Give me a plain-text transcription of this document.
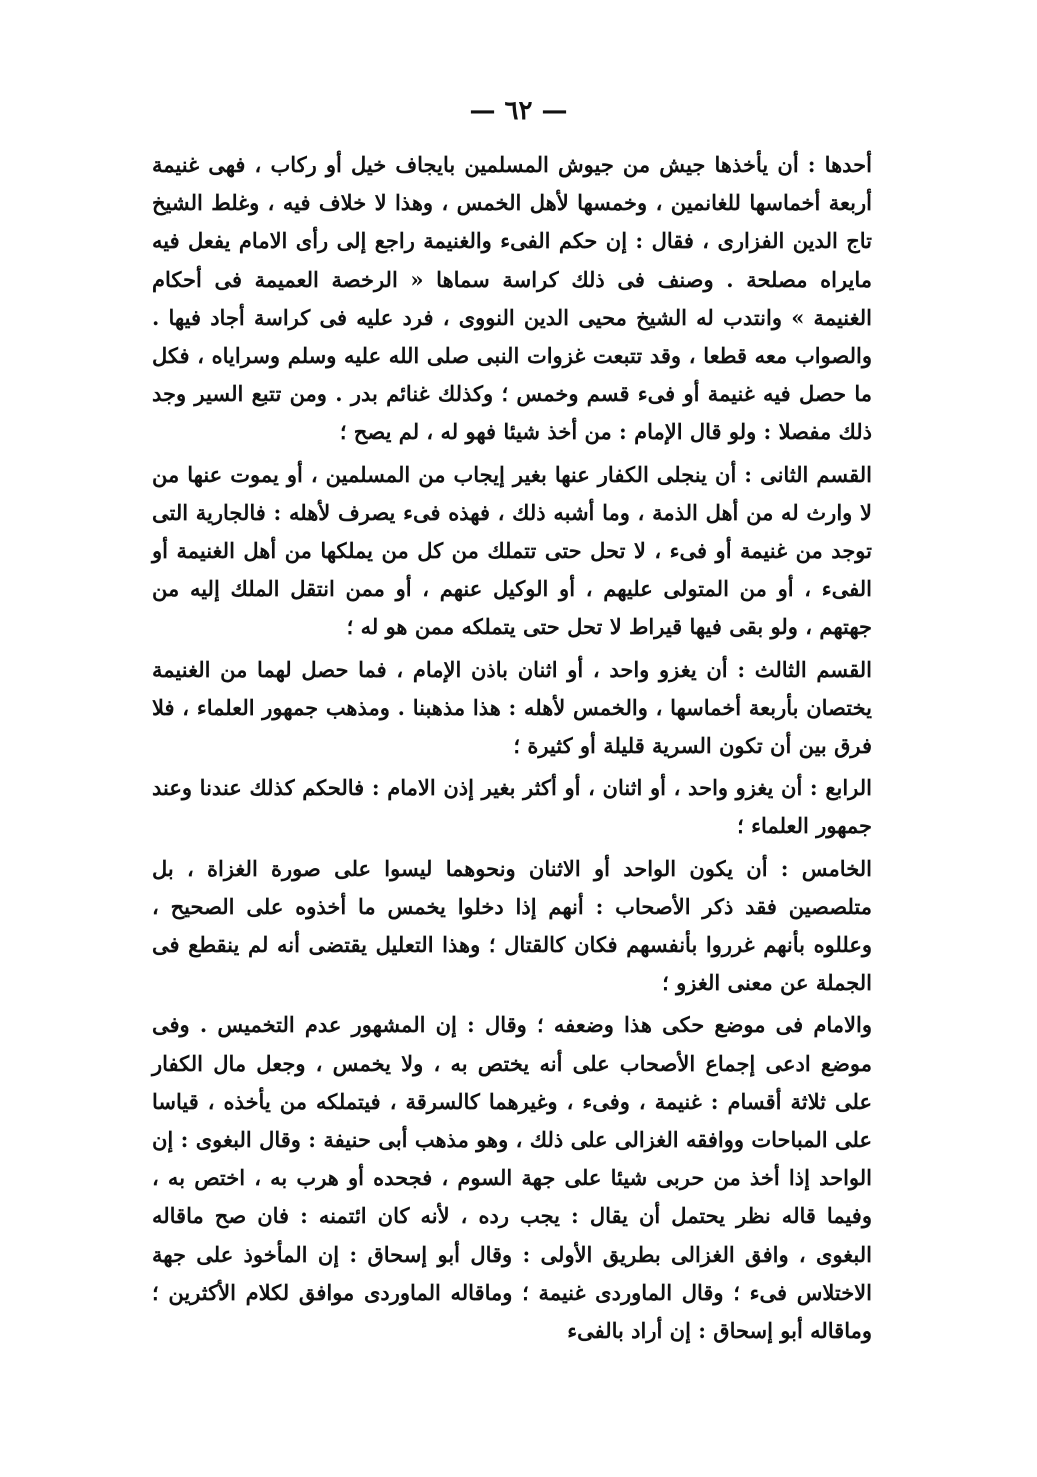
— ٦٢ —

أحدها : أن يأخذها جيش من جيوش المسلمين بايجاف خيل أو ركاب ، فهى غنيمة أربعة أخماسها للغانمين ، وخمسها لأهل الخمس ، وهذا لا خلاف فيه ، وغلط الشيخ تاج الدين الفزارى ، فقال : إن حكم الفىء والغنيمة راجع إلى رأى الامام يفعل فيه مايراه مصلحة . وصنف فى ذلك كراسة سماها « الرخصة العميمة فى أحكام الغنيمة » وانتدب له الشيخ محيى الدين النووى ، فرد عليه فى كراسة أجاد فيها . والصواب معه قطعا ، وقد تتبعت غزوات النبى صلى الله عليه وسلم وسراياه ، فكل ما حصل فيه غنيمة أو فىء قسم وخمس ؛ وكذلك غنائم بدر . ومن تتبع السير وجد ذلك مفصلا : ولو قال الإمام : من أخذ شيئا فهو له ، لم يصح ؛

القسم الثانى : أن ينجلى الكفار عنها بغير إيجاب من المسلمين ، أو يموت عنها من لا وارث له من أهل الذمة ، وما أشبه ذلك ، فهذه فىء يصرف لأهله : فالجارية التى توجد من غنيمة أو فىء ، لا تحل حتى تتملك من كل من يملكها من أهل الغنيمة أو الفىء ، أو من المتولى عليهم ، أو الوكيل عنهم ، أو ممن انتقل الملك إليه من جهتهم ، ولو بقى فيها قيراط لا تحل حتى يتملكه ممن هو له ؛

القسم الثالث : أن يغزو واحد ، أو اثنان باذن الإمام ، فما حصل لهما من الغنيمة يختصان بأربعة أخماسها ، والخمس لأهله : هذا مذهبنا . ومذهب جمهور العلماء ، فلا فرق بين أن تكون السرية قليلة أو كثيرة ؛

الرابع : أن يغزو واحد ، أو اثنان ، أو أكثر بغير إذن الامام : فالحكم كذلك عندنا وعند جمهور العلماء ؛

الخامس : أن يكون الواحد أو الاثنان ونحوهما ليسوا على صورة الغزاة ، بل متلصصين فقد ذكر الأصحاب : أنهم إذا دخلوا يخمس ما أخذوه على الصحيح ، وعللوه بأنهم غرروا بأنفسهم فكان كالقتال ؛ وهذا التعليل يقتضى أنه لم ينقطع فى الجملة عن معنى الغزو ؛

والامام فى موضع حكى هذا وضعفه ؛ وقال : إن المشهور عدم التخميس . وفى موضع ادعى إجماع الأصحاب على أنه يختص به ، ولا يخمس ، وجعل مال الكفار على ثلاثة أقسام : غنيمة ، وفىء ، وغيرهما كالسرقة ، فيتملكه من يأخذه ، قياسا على المباحات ووافقه الغزالى على ذلك ، وهو مذهب أبى حنيفة : وقال البغوى : إن الواحد إذا أخذ من حربى شيئا على جهة السوم ، فجحده أو هرب به ، اختص به ، وفيما قاله نظر يحتمل أن يقال : يجب رده ، لأنه كان ائتمنه : فان صح ماقاله البغوى ، وافق الغزالى بطريق الأولى : وقال أبو إسحاق : إن المأخوذ على جهة الاختلاس فىء ؛ وقال الماوردى غنيمة ؛ وماقاله الماوردى موافق لكلام الأكثرين ؛ وماقاله أبو إسحاق : إن أراد بالفىء
